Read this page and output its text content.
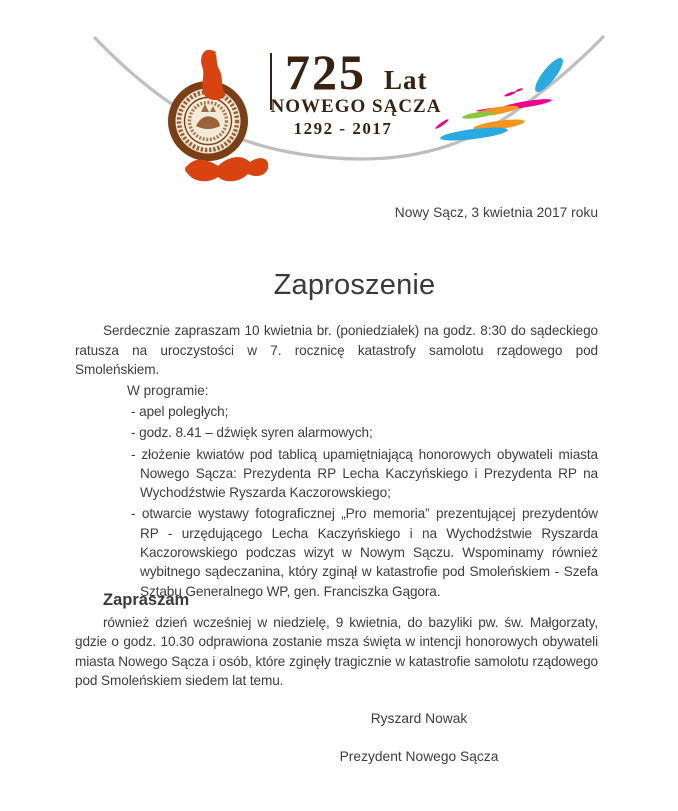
725 Lat
NOWEGO SĄCZA
1292 - 2017
Nowy Sącz, 3 kwietnia 2017 roku
Zaproszenie
Serdecznie zapraszam 10 kwietnia br. (poniedziałek) na godz. 8:30 do sądeckiego ratusza na uroczystości w 7. rocznicę katastrofy samolotu rządowego pod Smoleńskiem.
W programie:
- apel poległych;
- godz. 8.41 – dźwięk syren alarmowych;
- złożenie kwiatów pod tablicą upamiętniającą honorowych obywateli miasta Nowego Sącza: Prezydenta RP Lecha Kaczyńskiego i Prezydenta RP na Wychodźstwie Ryszarda Kaczorowskiego;
- otwarcie wystawy fotograficznej „Pro memoria” prezentującej prezydentów RP - urzędującego Lecha Kaczyńskiego i na Wychodźstwie Ryszarda Kaczorowskiego podczas wizyt w Nowym Sączu. Wspominamy również wybitnego sądeczanina, który zginął w katastrofie pod Smoleńskiem - Szefa Sztabu Generalnego WP, gen. Franciszka Gągora.
Zapraszam
również dzień wcześniej w niedzielę, 9 kwietnia, do bazyliki pw. św. Małgorzaty, gdzie o godz. 10.30 odprawiona zostanie msza święta w intencji honorowych obywateli miasta Nowego Sącza i osób, które zginęły tragicznie w katastrofie samolotu rządowego pod Smoleńskiem siedem lat temu.
Ryszard Nowak
Prezydent Nowego Sącza
